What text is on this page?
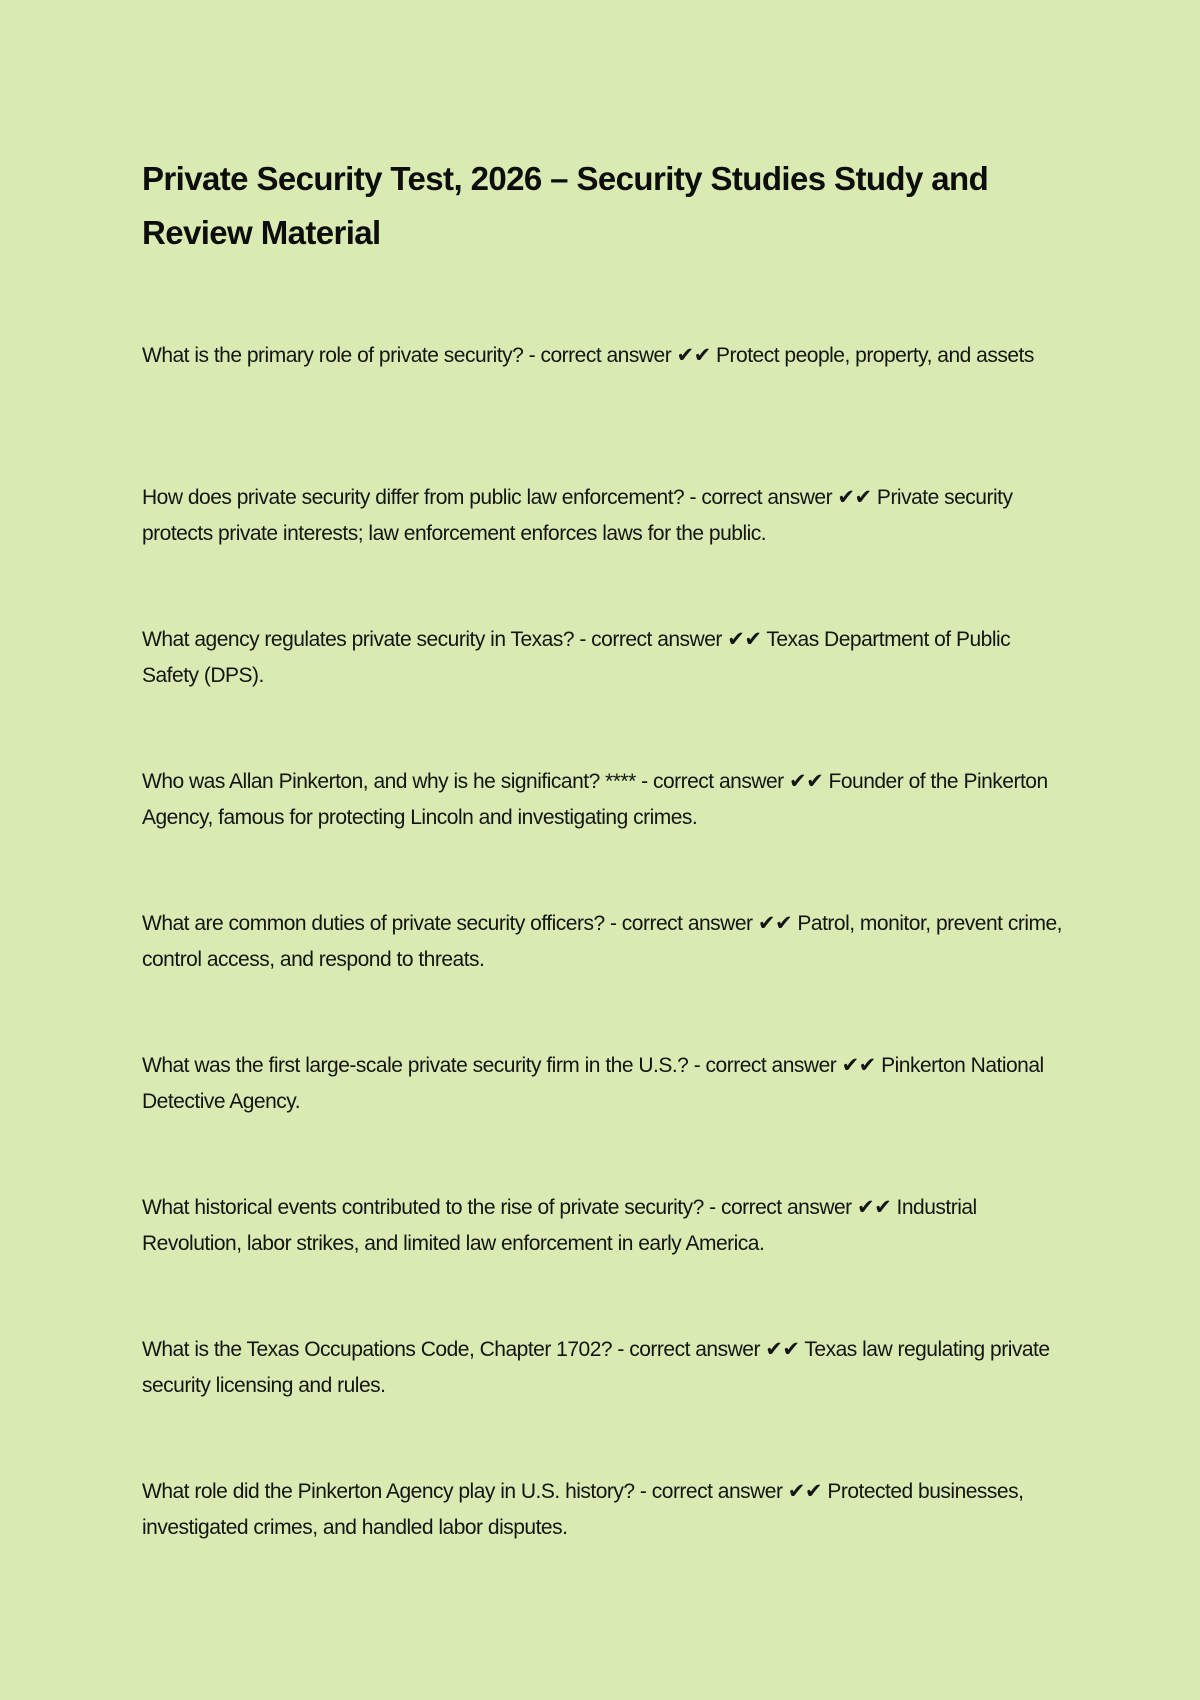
Private Security Test, 2026 – Security Studies Study and Review Material

What is the primary role of private security? - correct answer ✔✔ Protect people, property, and assets

How does private security differ from public law enforcement? - correct answer ✔✔ Private security protects private interests; law enforcement enforces laws for the public.

What agency regulates private security in Texas? - correct answer ✔✔ Texas Department of Public Safety (DPS).

Who was Allan Pinkerton, and why is he significant? **** - correct answer ✔✔ Founder of the Pinkerton Agency, famous for protecting Lincoln and investigating crimes.

What are common duties of private security officers? - correct answer ✔✔ Patrol, monitor, prevent crime, control access, and respond to threats.

What was the first large-scale private security firm in the U.S.? - correct answer ✔✔ Pinkerton National Detective Agency.

What historical events contributed to the rise of private security? - correct answer ✔✔ Industrial Revolution, labor strikes, and limited law enforcement in early America.

What is the Texas Occupations Code, Chapter 1702? - correct answer ✔✔ Texas law regulating private security licensing and rules.

What role did the Pinkerton Agency play in U.S. history? - correct answer ✔✔ Protected businesses, investigated crimes, and handled labor disputes.
